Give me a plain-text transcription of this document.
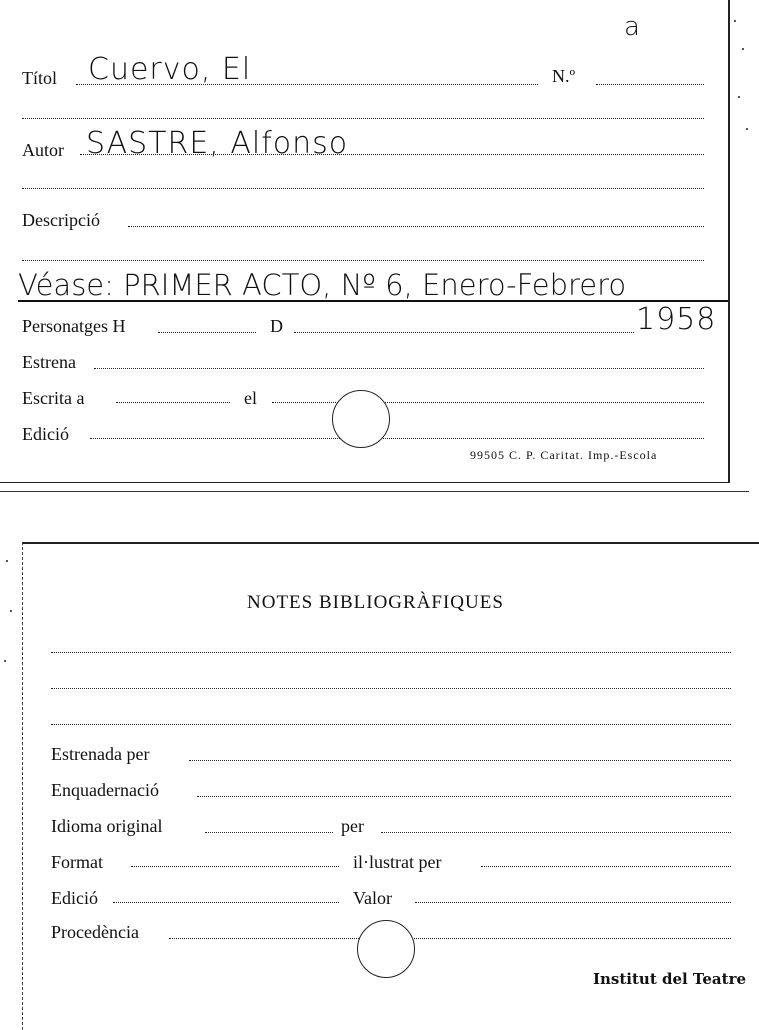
a
Títol Cuervo, El	N.º
Autor SASTRE, Alfonso
Descripció
Véase: PRIMER ACTO, Nº 6, Enero-Febrero
1958
Personatges H	D
Estrena
Escrita a	el
Edició
99505 C. P. Caritat. Imp.-Escola
NOTES BIBLIOGRÀFIQUES
Estrenada per
Enquadernació
Idioma original	per
Format	il·lustrat per
Edició	Valor
Procedència
Institut del Teatre
